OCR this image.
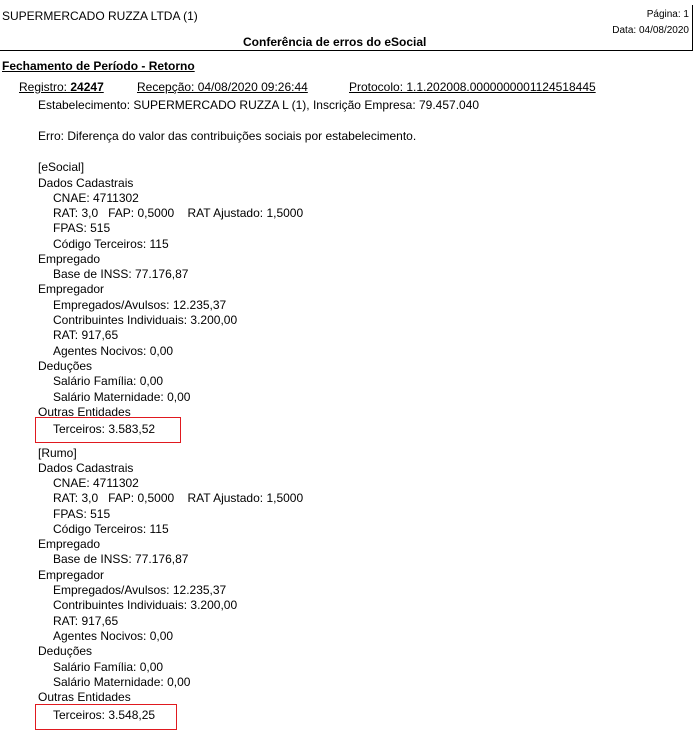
SUPERMERCADO RUZZA LTDA (1)	Página: 1
Data: 04/08/2020
Conferência de erros do eSocial
Fechamento de Período - Retorno
Registro: 24247	Recepção: 04/08/2020 09:26:44	Protocolo: 1.1.202008.0000000001124518445
Estabelecimento: SUPERMERCADO RUZZA L (1), Inscrição Empresa: 79.457.040
Erro: Diferença do valor das contribuições sociais por estabelecimento.
[eSocial]
Dados Cadastrais
CNAE: 4711302
RAT: 3,0   FAP: 0,5000    RAT Ajustado: 1,5000
FPAS: 515
Código Terceiros: 115
Empregado
Base de INSS: 77.176,87
Empregador
Empregados/Avulsos: 12.235,37
Contribuintes Individuais: 3.200,00
RAT: 917,65
Agentes Nocivos: 0,00
Deduções
Salário Família: 0,00
Salário Maternidade: 0,00
Outras Entidades
Terceiros: 3.583,52
[Rumo]
Dados Cadastrais
CNAE: 4711302
RAT: 3,0   FAP: 0,5000    RAT Ajustado: 1,5000
FPAS: 515
Código Terceiros: 115
Empregado
Base de INSS: 77.176,87
Empregador
Empregados/Avulsos: 12.235,37
Contribuintes Individuais: 3.200,00
RAT: 917,65
Agentes Nocivos: 0,00
Deduções
Salário Família: 0,00
Salário Maternidade: 0,00
Outras Entidades
Terceiros: 3.548,25
